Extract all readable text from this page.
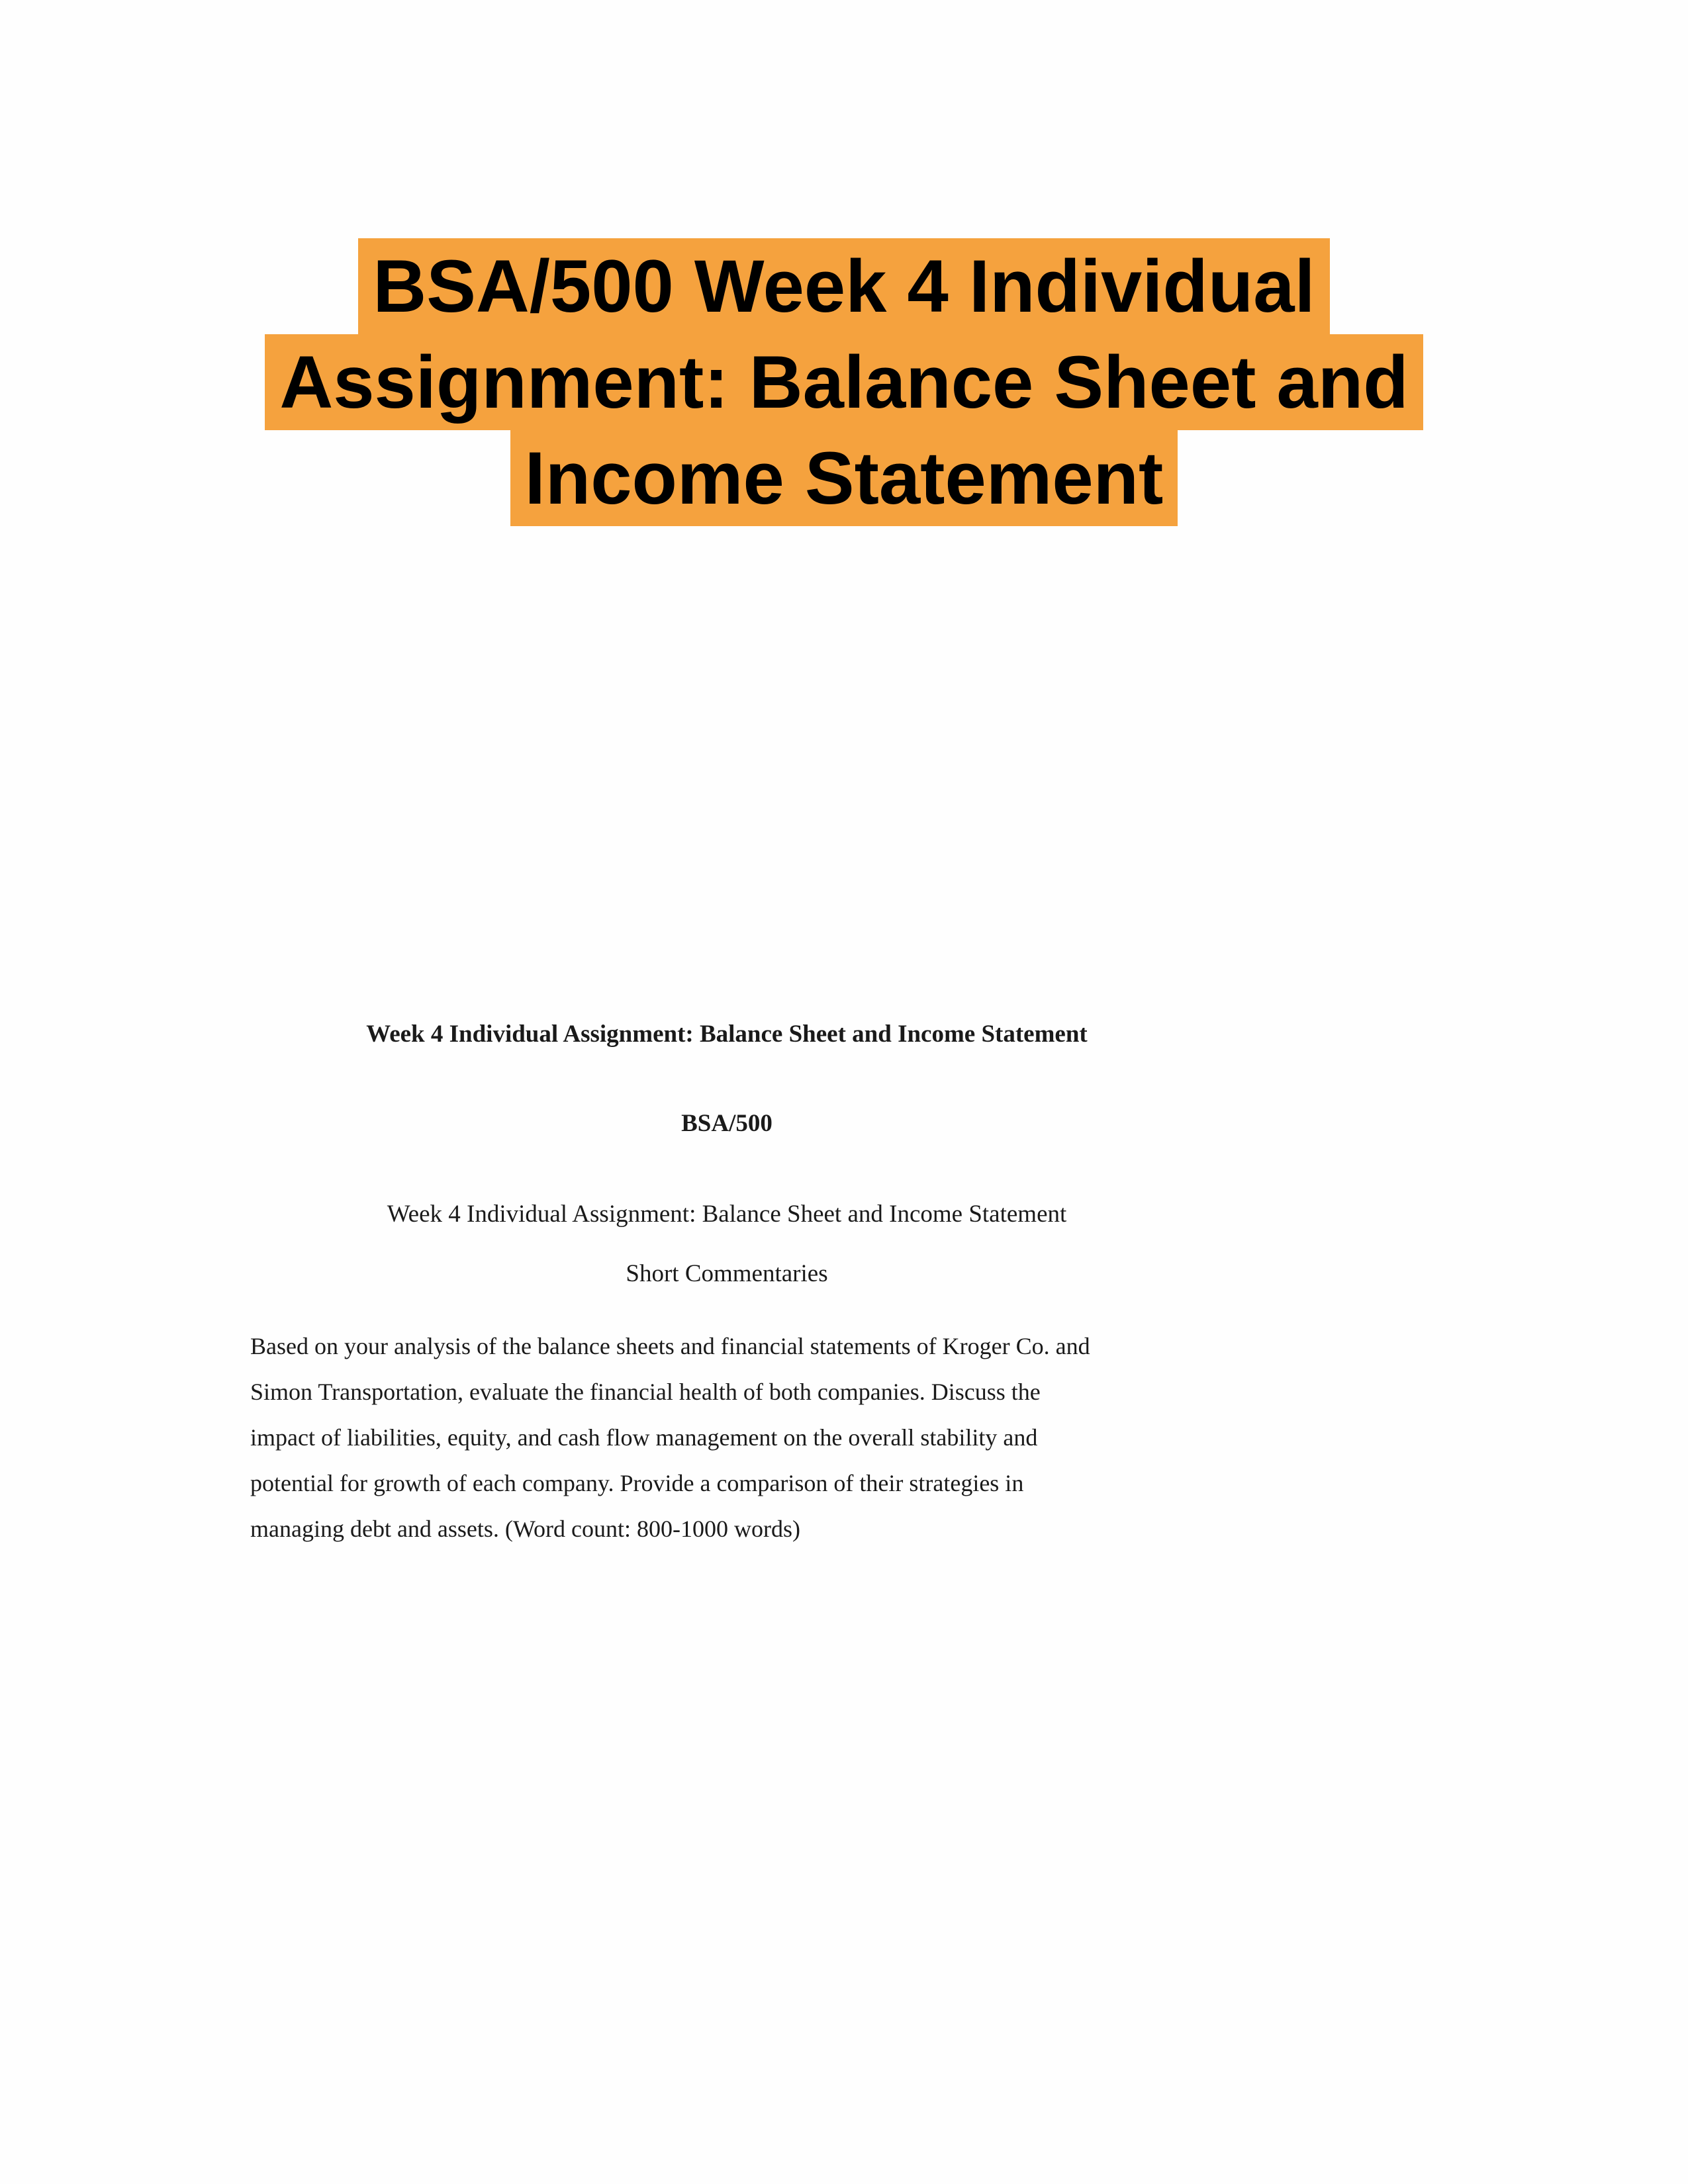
BSA/500 Week 4 Individual
Assignment: Balance Sheet and
Income Statement
Week 4 Individual Assignment: Balance Sheet and Income Statement
BSA/500
Week 4 Individual Assignment: Balance Sheet and Income Statement
Short Commentaries
Based on your analysis of the balance sheets and financial statements of Kroger Co. and
Simon Transportation, evaluate the financial health of both companies. Discuss the
impact of liabilities, equity, and cash flow management on the overall stability and
potential for growth of each company. Provide a comparison of their strategies in
managing debt and assets. (Word count: 800-1000 words)
